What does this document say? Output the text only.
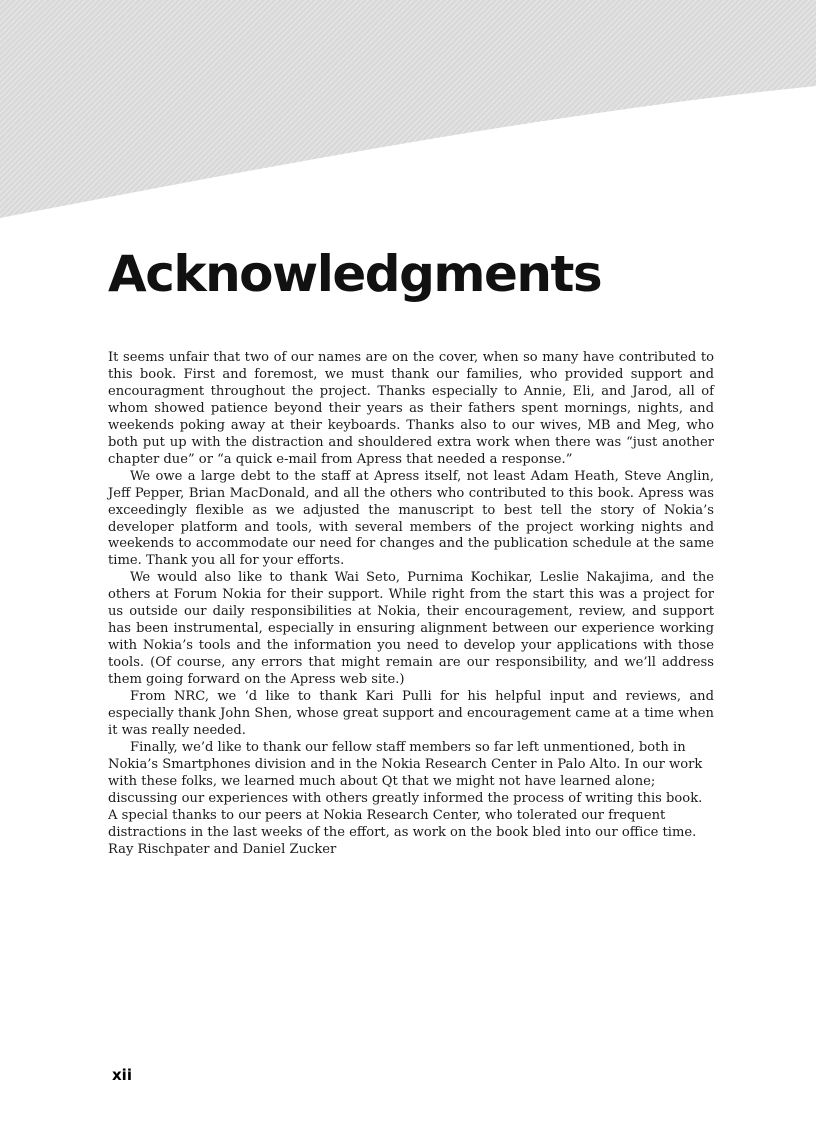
Acknowledgments

It seems unfair that two of our names are on the cover, when so many have contributed to this book. First and foremost, we must thank our families, who provided support and encouragment throughout the project. Thanks especially to Annie, Eli, and Jarod, all of whom showed patience beyond their years as their fathers spent mornings, nights, and weekends poking away at their keyboards. Thanks also to our wives, MB and Meg, who both put up with the distraction and shouldered extra work when there was “just another chapter due” or “a quick e-mail from Apress that needed a response.”

We owe a large debt to the staff at Apress itself, not least Adam Heath, Steve Anglin, Jeff Pepper, Brian MacDonald, and all the others who contributed to this book. Apress was exceedingly flexible as we adjusted the manuscript to best tell the story of Nokia’s developer platform and tools, with several members of the project working nights and weekends to accommodate our need for changes and the publication schedule at the same time. Thank you all for your efforts.

We would also like to thank Wai Seto, Purnima Kochikar, Leslie Nakajima, and the others at Forum Nokia for their support. While right from the start this was a project for us outside our daily responsibilities at Nokia, their encouragement, review, and support has been instrumental, especially in ensuring alignment between our experience working with Nokia’s tools and the information you need to develop your applications with those tools. (Of course, any errors that might remain are our responsibility, and we’ll address them going forward on the Apress web site.)

From NRC, we ‘d like to thank Kari Pulli for his helpful input and reviews, and especially thank John Shen, whose great support and encouragement came at a time when it was really needed.

Finally, we’d like to thank our fellow staff members so far left unmentioned, both in Nokia’s Smartphones division and in the Nokia Research Center in Palo Alto. In our work with these folks, we learned much about Qt that we might not have learned alone; discussing our experiences with others greatly informed the process of writing this book. A special thanks to our peers at Nokia Research Center, who tolerated our frequent distractions in the last weeks of the effort, as work on the book bled into our office time.

Ray Rischpater and Daniel Zucker

xii
